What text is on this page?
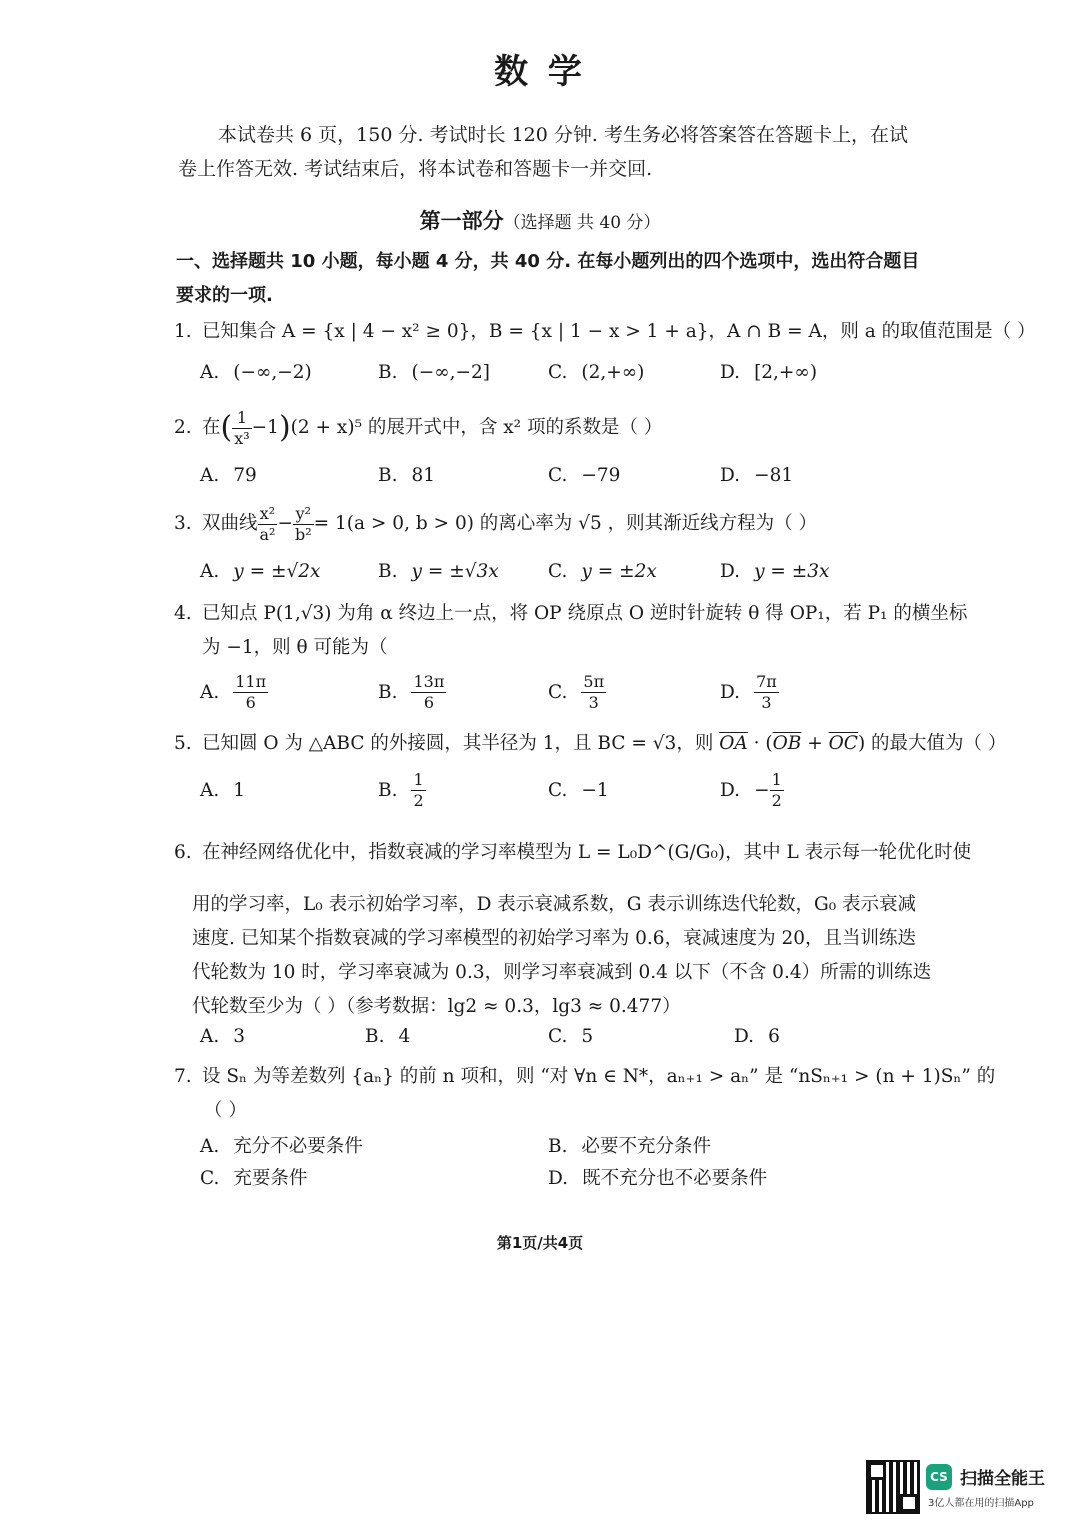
数 学
本试卷共 6 页，150 分. 考试时长 120 分钟. 考生务必将答案答在答题卡上，在试卷上作答无效. 考试结束后，将本试卷和答题卡一并交回.
第一部分（选择题 共 40 分）
一、选择题共 10 小题，每小题 4 分，共 40 分. 在每小题列出的四个选项中，选出符合题目要求的一项.
1. 已知集合 A = {x | 4 − x² ≥ 0}，B = {x | 1 − x > 1 + a}，A ∩ B = A，则 a 的取值范围是（ ）
A. (−∞,−2)	B. (−∞,−2]	C. (2,+∞)	D. [2,+∞)
2. 在( $\frac{1}{\text{x³}} -1)(2 + x)^5$ 的展开式中，含 x² 项的系数是（ ）
A. 79	B. 81	C. −79	D. −81
3. 双曲线 $\frac{\text{x²}}{\text{a²}} - \frac{\text{y²}}{\text{b²}} = 1(a > 0$, b > 0) 的离心率为 √5 ，则其渐近线方程为（ ）
A. y = ±√2x	B. y = ±√3x	C. y = ±2x	D. y = ±3x
4. 已知点 P(1,√3) 为角 α 终边上一点，将 OP 绕原点 O 逆时针旋转 θ 得 OP₁，若 P₁ 的横坐标
为 −1，则 θ 可能为（
A. $\frac{11\pi}{6}$	B. $\frac{13\pi}{6}$	C. $\frac{5\pi}{3}$	D. $\frac{7\pi}{3}$
5. 已知圆 O 为 △ABC 的外接圆，其半径为 1，且 BC = √3，则 $\overline{OA} \cdot (\overline{OB} + \overline{OC})$ 的最大值为（ ）
A. 1	B. $\frac{1}{2}$	C. −1	D. − $\frac{1}{2}$
6. 在神经网络优化中，指数衰减的学习率模型为 L = L₀D^(G/G₀)，其中 L 表示每一轮优化时使
用的学习率，L₀ 表示初始学习率，D 表示衰减系数，G 表示训练迭代轮数，G₀ 表示衰减
速度. 已知某个指数衰减的学习率模型的初始学习率为 0.6，衰减速度为 20，且当训练迭
代轮数为 10 时，学习率衰减为 0.3，则学习率衰减到 0.4 以下（不含 0.4）所需的训练迭
代轮数至少为（ ）（参考数据：lg2 ≈ 0.3，lg3 ≈ 0.477）
A. 3	B. 4	C. 5	D. 6
7. 设 Sₙ 为等差数列 {aₙ} 的前 n 项和，则 “对 ∀n ∈ N*，aₙ₊₁ > aₙ” 是 “nSₙ₊₁ > (n + 1)Sₙ” 的
（ ）
A. 充分不必要条件	B. 必要不充分条件
C. 充要条件	D. 既不充分也不必要条件
第1页/共4页
CS 扫描全能王
3亿人都在用的扫描App
